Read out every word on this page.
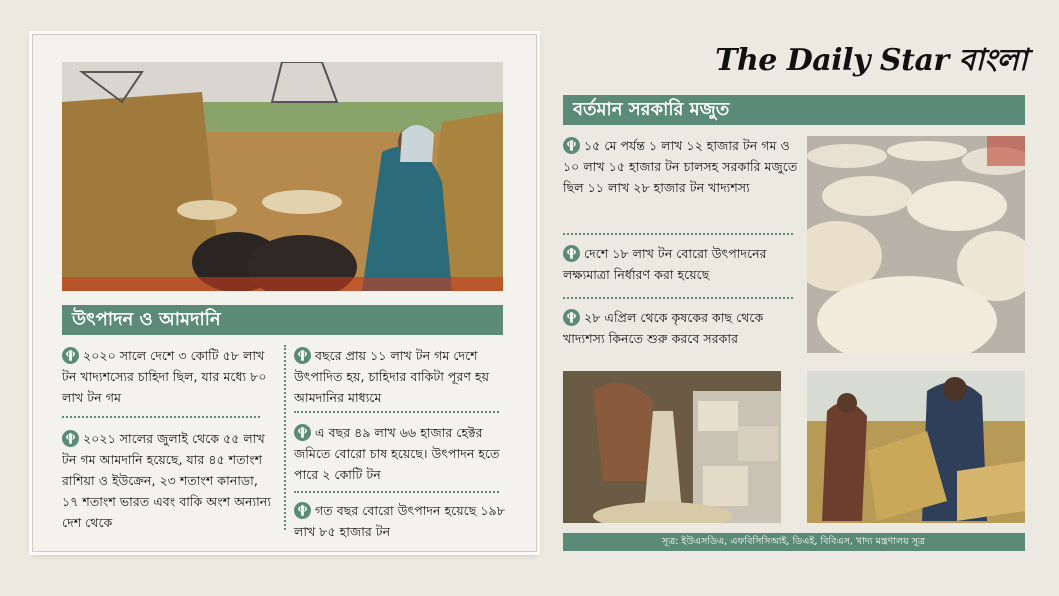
উৎপাদন ও আমদানি
২০২০ সালে দেশে ৩ কোটি ৫৮ লাখ টন খাদ্যশস্যের চাহিদা ছিল, যার মধ্যে ৮০ লাখ টন গম
২০২১ সালের জুলাই থেকে ৫৫ লাখ টন গম আমদানি হয়েছে, যার ৪৫ শতাংশ রাশিয়া ও ইউক্রেন, ২৩ শতাংশ কানাডা, ১৭ শতাংশ ভারত এবং বাকি অংশ অন্যান্য দেশ থেকে
বছরে প্রায় ১১ লাখ টন গম দেশে উৎপাদিত হয়, চাহিদার বাকিটা পূরণ হয় আমদানির মাধ্যমে
এ বছর ৪৯ লাখ ৬৬ হাজার হেক্টর জমিতে বোরো চাষ হয়েছে। উৎপাদন হতে পারে ২ কোটি টন
গত বছর বোরো উৎপাদন হয়েছে ১৯৮ লাখ ৮৫ হাজার টন
The Daily Star বাংলা
বর্তমান সরকারি মজুত
১৫ মে পর্যন্ত ১ লাখ ১২ হাজার টন গম ও ১০ লাখ ১৫ হাজার টন চালসহ সরকারি মজুতে ছিল ১১ লাখ ২৮ হাজার টন খাদ্যশস্য
দেশে ১৮ লাখ টন বোরো উৎপাদনের লক্ষ্যমাত্রা নির্ধারণ করা হয়েছে
২৮ এপ্রিল থেকে কৃষকের কাছ থেকে খাদ্যশস্য কিনতে শুরু করবে সরকার
সূত্র: ইউএসডিএ, এফবিসিসিআই, ডিএই, বিবিএস, খাদ্য মন্ত্রণালয় সূত্র
